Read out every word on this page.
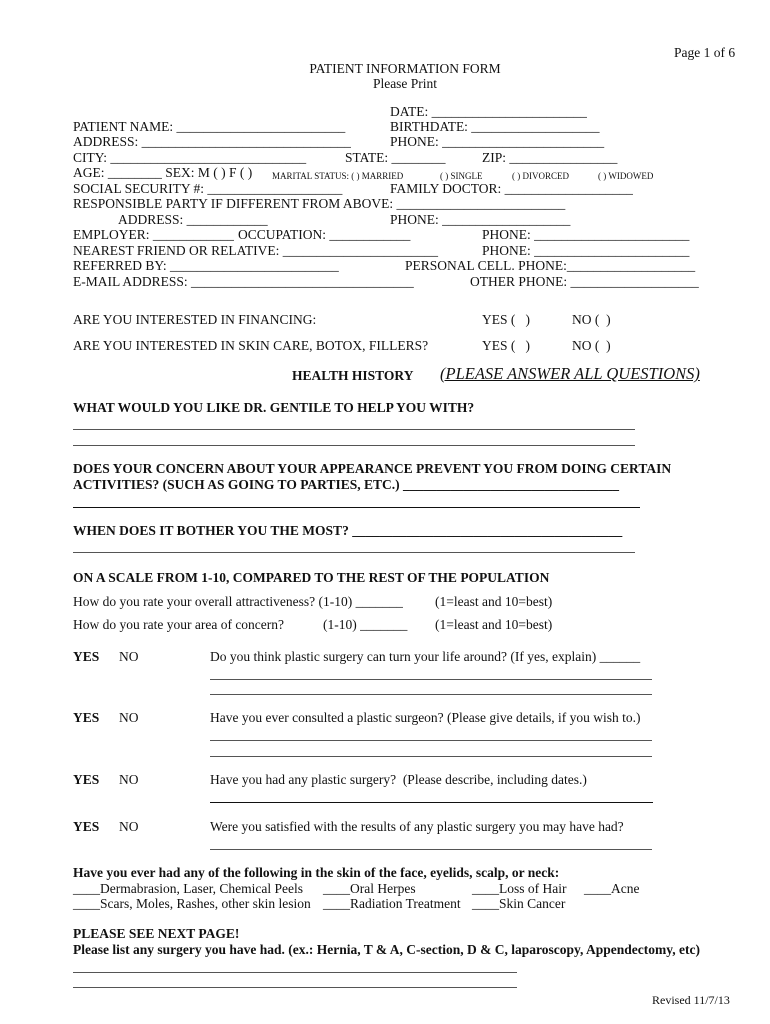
Page 1 of 6
PATIENT INFORMATION FORM
Please Print
DATE: _______________________
PATIENT NAME: _________________________	BIRTHDATE: ___________________
ADDRESS: _______________________________	PHONE: ________________________
CITY: _____________________________	STATE: ________	ZIP: ________________
AGE: ________ SEX: M ( ) F ( ) MARITAL STATUS: ( ) MARRIED	( ) SINGLE	( ) DIVORCED	( ) WIDOWED
SOCIAL SECURITY #: ____________________	FAMILY DOCTOR: ___________________
RESPONSIBLE PARTY IF DIFFERENT FROM ABOVE: _________________________
ADDRESS: ____________	PHONE: ___________________
EMPLOYER: ____________ OCCUPATION: ____________	PHONE: _______________________
NEAREST FRIEND OR RELATIVE: _______________________	PHONE: _______________________
REFERRED BY: _________________________	PERSONAL CELL. PHONE:___________________
E-MAIL ADDRESS: _________________________________	OTHER PHONE: ___________________
ARE YOU INTERESTED IN FINANCING:	YES (   )	NO (  )
ARE YOU INTERESTED IN SKIN CARE, BOTOX, FILLERS?	YES (   )	NO (  )
HEALTH HISTORY (PLEASE ANSWER ALL QUESTIONS)
WHAT WOULD YOU LIKE DR. GENTILE TO HELP YOU WITH?
DOES YOUR CONCERN ABOUT YOUR APPEARANCE PREVENT YOU FROM DOING CERTAIN
ACTIVITIES? (SUCH AS GOING TO PARTIES, ETC.) ________________________________
WHEN DOES IT BOTHER YOU THE MOST? ________________________________________
ON A SCALE FROM 1-10, COMPARED TO THE REST OF THE POPULATION
How do you rate your overall attractiveness? (1-10) _______ (1=least and 10=best)
How do you rate your area of concern?	(1-10) _______ (1=least and 10=best)
YES NO	Do you think plastic surgery can turn your life around? (If yes, explain) ______
YES NO	Have you ever consulted a plastic surgeon? (Please give details, if you wish to.)
YES NO	Have you had any plastic surgery?  (Please describe, including dates.)
YES NO	Were you satisfied with the results of any plastic surgery you may have had?
Have you ever had any of the following in the skin of the face, eyelids, scalp, or neck:
____Dermabrasion, Laser, Chemical Peels ____Oral Herpes	____Loss of Hair ____Acne
____Scars, Moles, Rashes, other skin lesion ____Radiation Treatment ____Skin Cancer
PLEASE SEE NEXT PAGE!
Please list any surgery you have had. (ex.: Hernia, T & A, C-section, D & C, laparoscopy, Appendectomy, etc)
Revised 11/7/13
